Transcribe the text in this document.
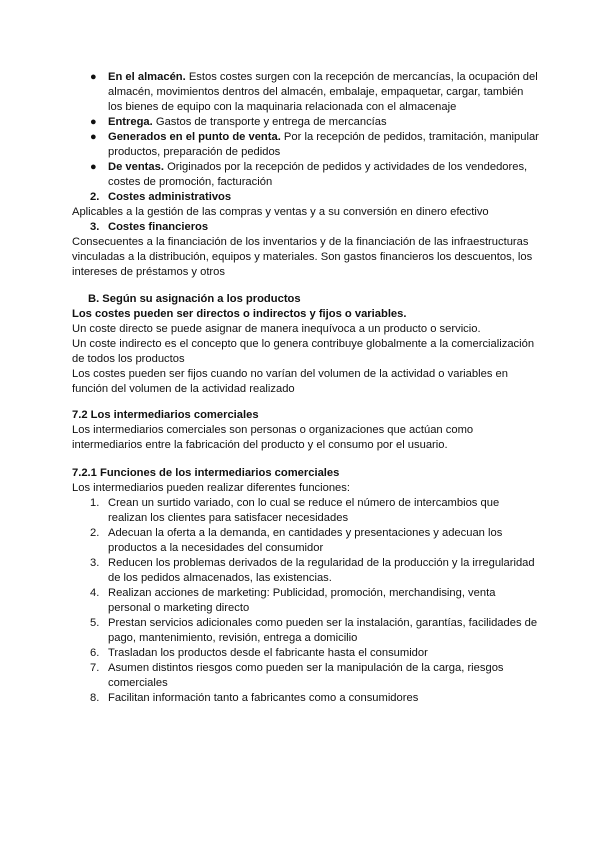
● En el almacén. Estos costes surgen con la recepción de mercancías, la ocupación del almacén, movimientos dentros del almacén, embalaje, empaquetar, cargar, también los bienes de equipo con la maquinaria relacionada con el almacenaje
● Entrega. Gastos de transporte y entrega de mercancías
● Generados en el punto de venta. Por la recepción de pedidos, tramitación, manipular productos, preparación de pedidos
● De ventas. Originados por la recepción de pedidos y actividades de los vendedores, costes de promoción, facturación
2. Costes administrativos

Aplicables a la gestión de las compras y ventas y a su conversión en dinero efectivo

3. Costes financieros

Consecuentes a la financiación de los inventarios y de la financiación de las infraestructuras vinculadas a la distribución, equipos y materiales. Son gastos financieros los descuentos, los intereses de préstamos y otros

B. Según su asignación a los productos

Los costes pueden ser directos o indirectos y fijos o variables.

Un coste directo se puede asignar de manera inequívoca a un producto o servicio.

Un coste indirecto es el concepto que lo genera contribuye globalmente a la comercialización de todos los productos

Los costes pueden ser fijos cuando no varían del volumen de la actividad o variables en función del volumen de la actividad realizado

7.2 Los intermediarios comerciales

Los intermediarios comerciales son personas o organizaciones que actúan como intermediarios entre la fabricación del producto y el consumo por el usuario.

7.2.1 Funciones de los intermediarios comerciales

Los intermediarios pueden realizar diferentes funciones:

1. Crean un surtido variado, con lo cual se reduce el número de intercambios que realizan los clientes para satisfacer necesidades
2. Adecuan la oferta a la demanda, en cantidades y presentaciones y adecuan los productos a la necesidades del consumidor
3. Reducen los problemas derivados de la regularidad de la producción y la irregularidad de los pedidos almacenados, las existencias.
4. Realizan acciones de marketing: Publicidad, promoción, merchandising, venta personal o marketing directo
5. Prestan servicios adicionales como pueden ser la instalación, garantías, facilidades de pago, mantenimiento, revisión, entrega a domicilio
6. Trasladan los productos desde el fabricante hasta el consumidor
7. Asumen distintos riesgos como pueden ser la manipulación de la carga, riesgos comerciales
8. Facilitan información tanto a fabricantes como a consumidores
